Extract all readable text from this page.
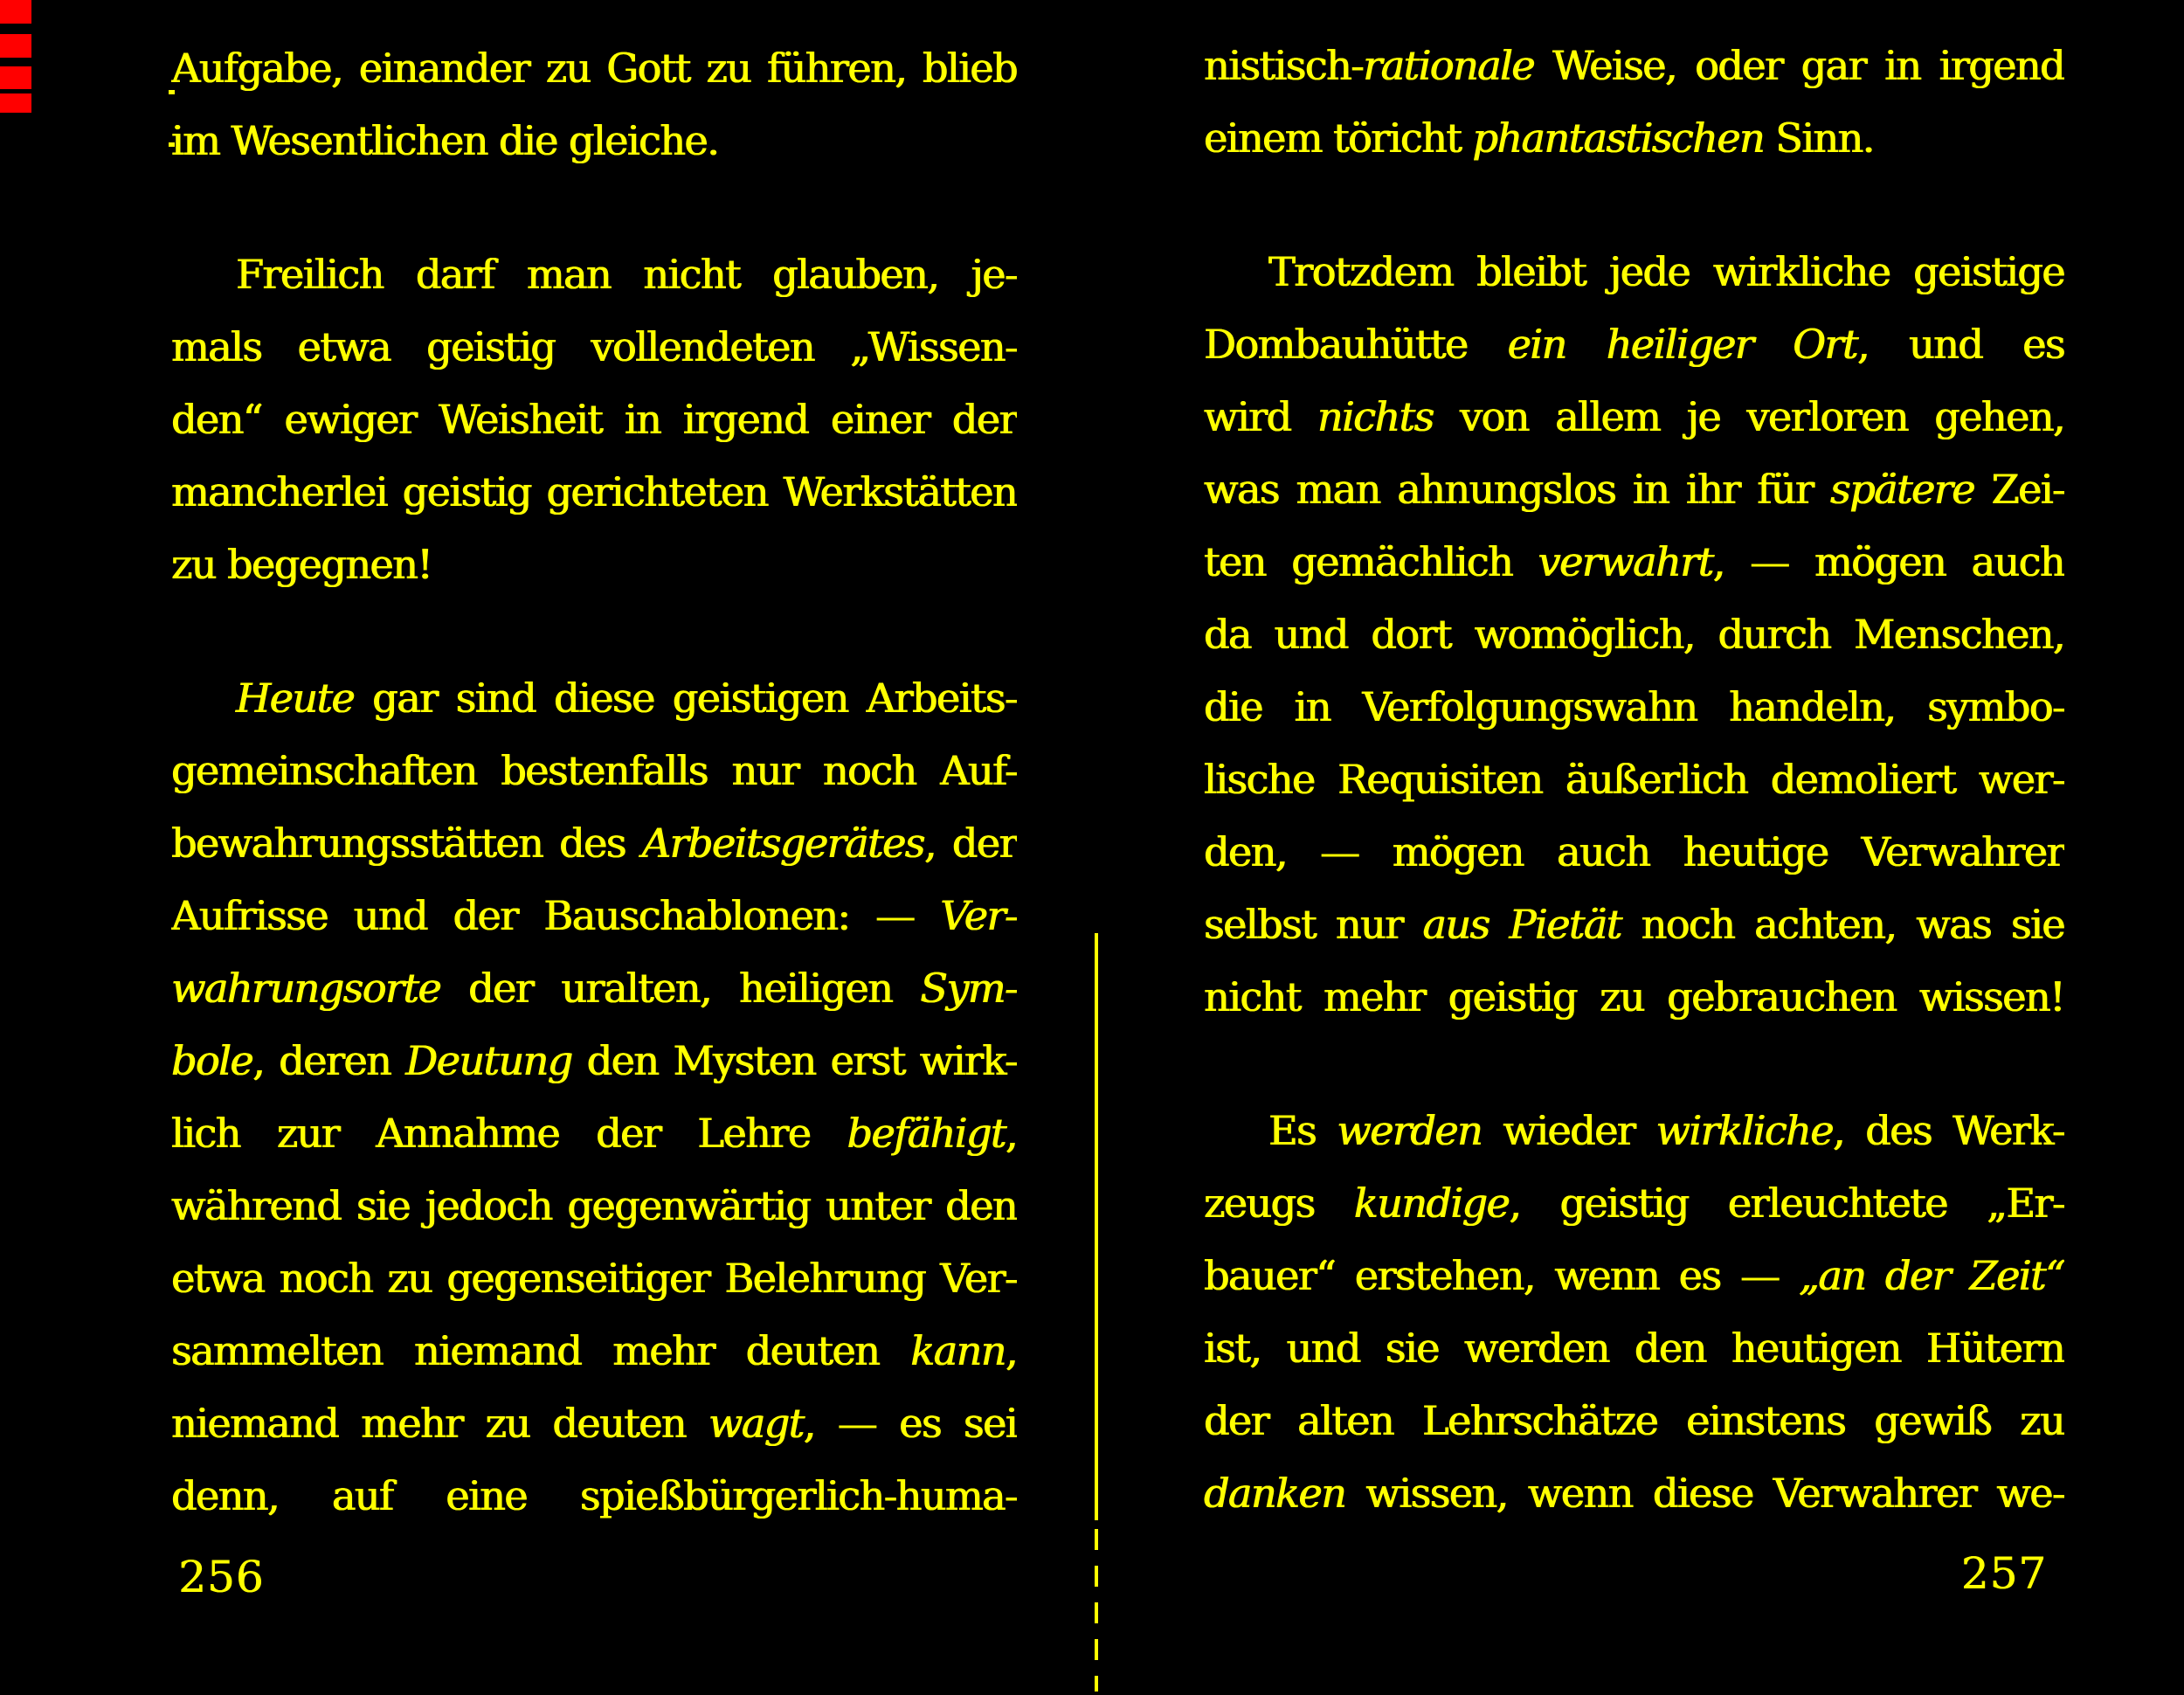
Aufgabe, einander zu Gott zu führen, blieb
im Wesentlichen die gleiche.
Freilich darf man nicht glauben, je-
mals etwa geistig vollendeten „Wissen-
den“ ewiger Weisheit in irgend einer der
mancherlei geistig gerichteten Werkstätten
zu begegnen!
Heute gar sind diese geistigen Arbeits-
gemeinschaften bestenfalls nur noch Auf-
bewahrungsstätten des Arbeitsgerätes, der
Aufrisse und der Bauschablonen: — Ver-
wahrungsorte der uralten, heiligen Sym-
bole, deren Deutung den Mysten erst wirk-
lich zur Annahme der Lehre befähigt,
während sie jedoch gegenwärtig unter den
etwa noch zu gegenseitiger Belehrung Ver-
sammelten niemand mehr deuten kann,
niemand mehr zu deuten wagt, — es sei
denn, auf eine spießbürgerlich-huma-
256
nistisch-rationale Weise, oder gar in irgend
einem töricht phantastischen Sinn.
Trotzdem bleibt jede wirkliche geistige
Dombauhütte ein heiliger Ort, und es
wird nichts von allem je verloren gehen,
was man ahnungslos in ihr für spätere Zei-
ten gemächlich verwahrt, — mögen auch
da und dort womöglich, durch Menschen,
die in Verfolgungswahn handeln, symbo-
lische Requisiten äußerlich demoliert wer-
den, — mögen auch heutige Verwahrer
selbst nur aus Pietät noch achten, was sie
nicht mehr geistig zu gebrauchen wissen!
Es werden wieder wirkliche, des Werk-
zeugs kundige, geistig erleuchtete „Er-
bauer“ erstehen, wenn es — „an der Zeit“
ist, und sie werden den heutigen Hütern
der alten Lehrschätze einstens gewiß zu
danken wissen, wenn diese Verwahrer we-
257
